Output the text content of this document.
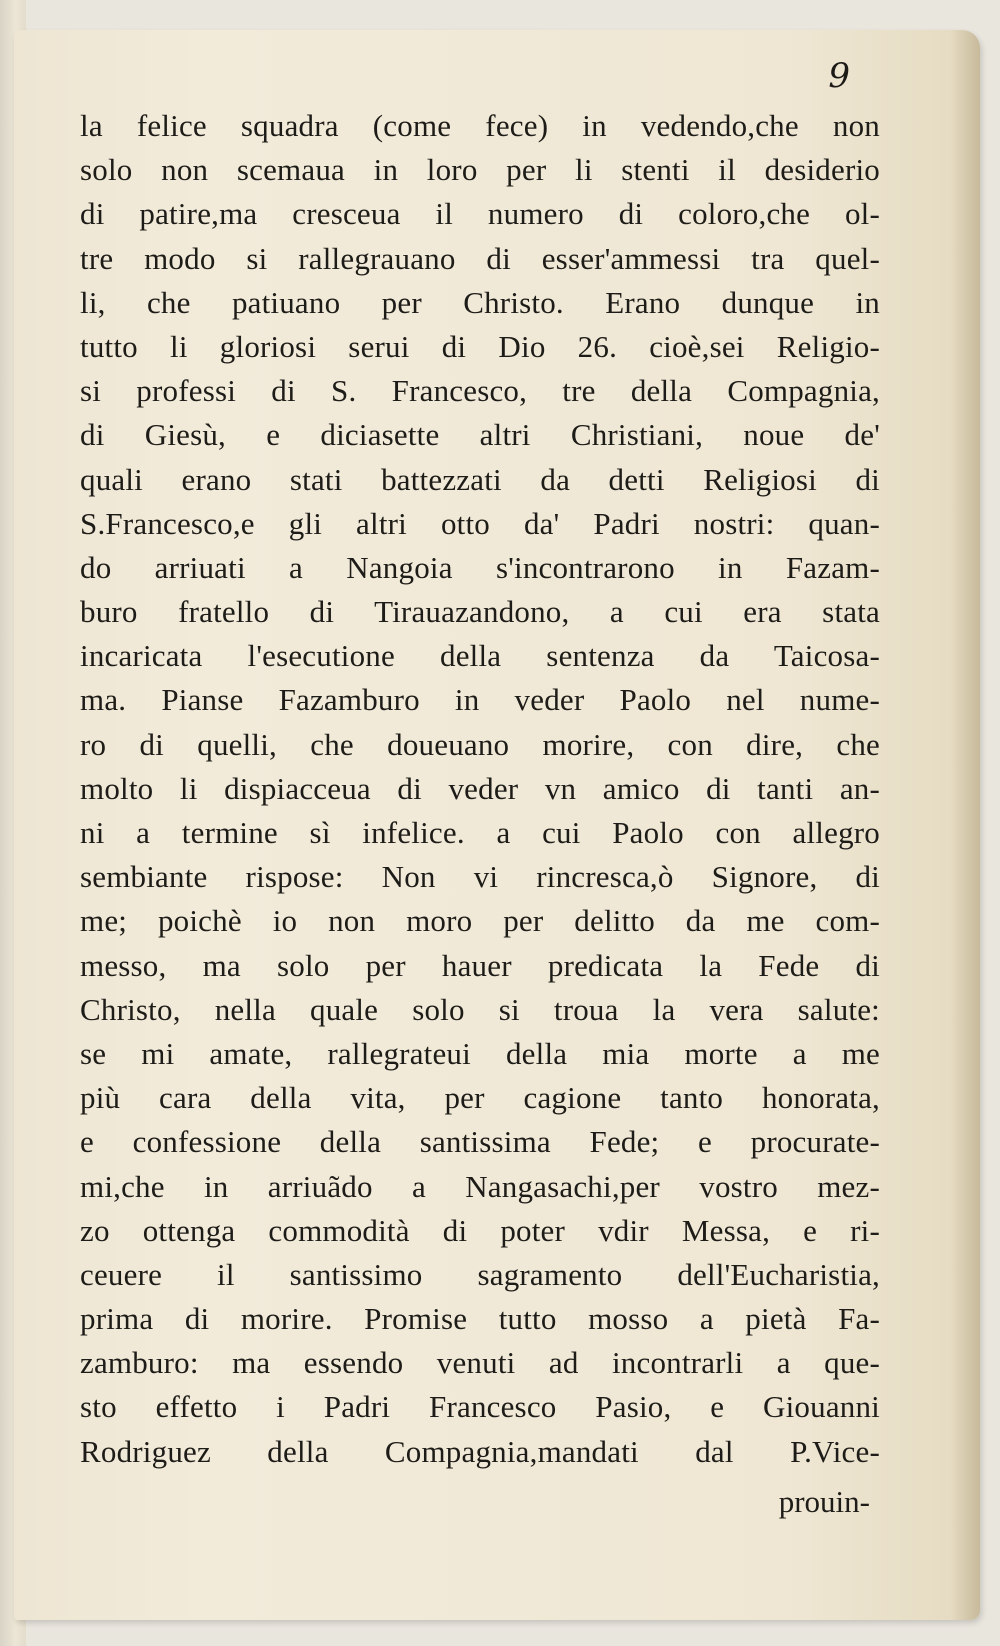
9
la felice squadra (come fece) in vedendo,che non
solo non scemaua in loro per li stenti il desiderio
di patire,ma cresceua il numero di coloro,che ol-
tre modo si rallegrauano di esser'ammessi tra quel-
li, che patiuano per Christo. Erano dunque in
tutto li gloriosi serui di Dio 26. cioè,sei Religio-
si professi di S. Francesco, tre della Compagnia,
di Giesù, e diciasette altri Christiani, noue de'
quali erano stati battezzati da detti Religiosi di
S.Francesco,e gli altri otto da' Padri nostri: quan-
do arriuati a Nangoia s'incontrarono in Fazam-
buro fratello di Tirauazandono, a cui era stata
incaricata l'esecutione della sentenza da Taicosa-
ma. Pianse Fazamburo in veder Paolo nel nume-
ro di quelli, che doueuano morire, con dire, che
molto li dispiacceua di veder vn amico di tanti an-
ni a termine sì infelice. a cui Paolo con allegro
sembiante rispose: Non vi rincresca,ò Signore, di
me; poichè io non moro per delitto da me com-
messo, ma solo per hauer predicata la Fede di
Christo, nella quale solo si troua la vera salute:
se mi amate, rallegrateui della mia morte a me
più cara della vita, per cagione tanto honorata,
e confessione della santissima Fede; e procurate-
mi,che in arriuãdo a Nangasachi,per vostro mez-
zo ottenga commodità di poter vdir Messa, e ri-
ceuere il santissimo sagramento dell'Eucharistia,
prima di morire. Promise tutto mosso a pietà Fa-
zamburo: ma essendo venuti ad incontrarli a que-
sto effetto i Padri Francesco Pasio, e Giouanni
Rodriguez della Compagnia,mandati dal P.Vice-
prouin-
